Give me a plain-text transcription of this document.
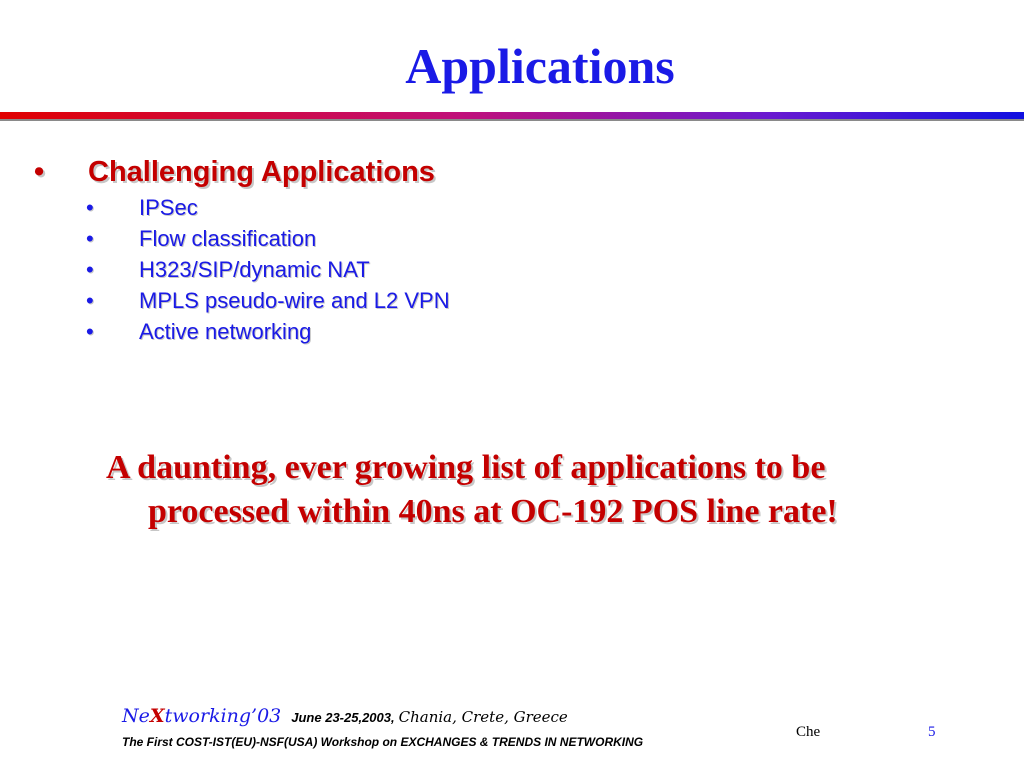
Applications
• Challenging Applications
• IPSec
• Flow classification
• H323/SIP/dynamic NAT
• MPLS pseudo-wire and L2 VPN
• Active networking
A daunting, ever growing list of applications to be
processed within 40ns at OC-192 POS line rate!
NeXtworking’03 June 23-25,2003, Chania, Crete, Greece
The First COST-IST(EU)-NSF(USA) Workshop on EXCHANGES & TRENDS IN NETWORKING
Che	5
